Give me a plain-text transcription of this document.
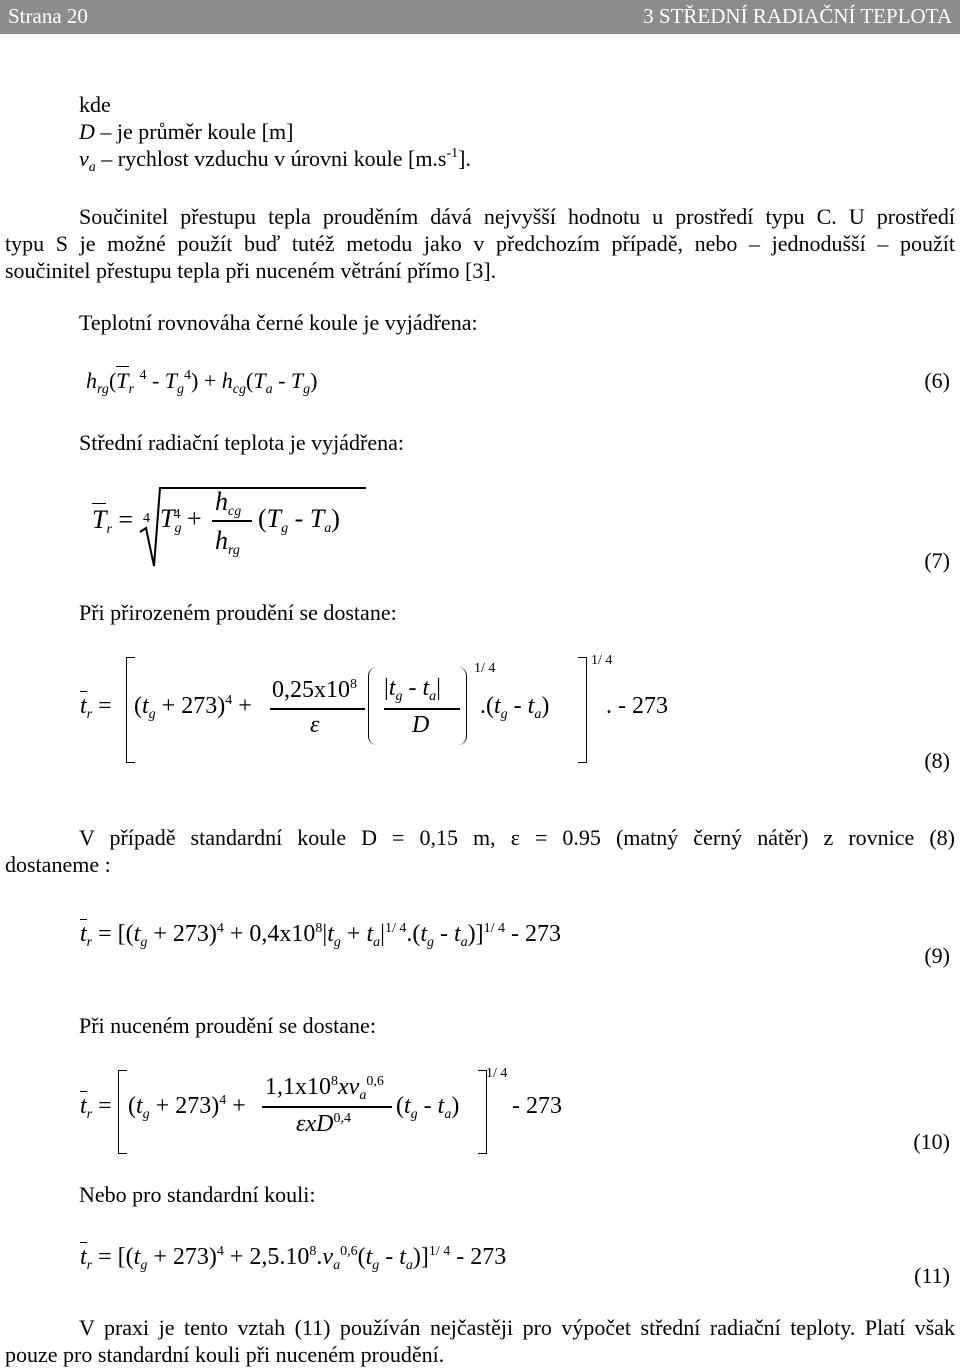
Strana 20	3 STŘEDNÍ RADIAČNÍ TEPLOTA
kde
D – je průměr koule [m]
$v_a$ – rychlost vzduchu v úrovni koule $[m.s^{-1}]$.
Součinitel přestupu tepla prouděním dává nejvyšší hodnotu u prostředí typu C. U prostředí
typu S je možné použít buď tutéž metodu jako v předchozím případě, nebo – jednodušší – použít
součinitel přestupu tepla při nuceném větrání přímo [3].
Teplotní rovnováha černé koule je vyjádřena:
$h_{rg}(T_r$ $^4 - T_g^4) + h_{cg}(T_a - T_g)$	(6)
Střední radiační teplota je vyjádřena:
$T_r = 4$ $T_g^4$ +
$h_{cg}$
$h_{rg}$
$(T_g - T_a)$
(7)
Při přirozeném proudění se dostane:
$t_r = (t_g + 273)^4$ +
$0,25x10^8$
ε
$|t_g - t_a|$
D
1/ 4
$.(t_g - t_a)$
1/ 4
. - 273
(8)
V případě standardní koule D = 0,15 m, ε = 0.95 (matný černý nátěr) z rovnice (8)
dostaneme :
$t_r = [(t_g + 273)^4 + 0,4x10^8|t_g + t_a|^{1/ 4}.(t_g - t_a)]^{1/ 4} - 273$
(9)
Při nuceném proudění se dostane:
$t_r = (t_g + 273)^4$ +
$1,1x10^8xv_a^{0,6}$
εxD$^{0,4}$ $(t_g - t_a)$
1/ 4
- 273
(10)
Nebo pro standardní kouli:
$t_r = [(t_g + 273)^4 + 2,5.10^8.v_a^{0,6}(t_g - t_a)]^{1/ 4} - 273$
(11)
V praxi je tento vztah (11) používán nejčastěji pro výpočet střední radiační teploty. Platí však
pouze pro standardní kouli při nuceném proudění.
